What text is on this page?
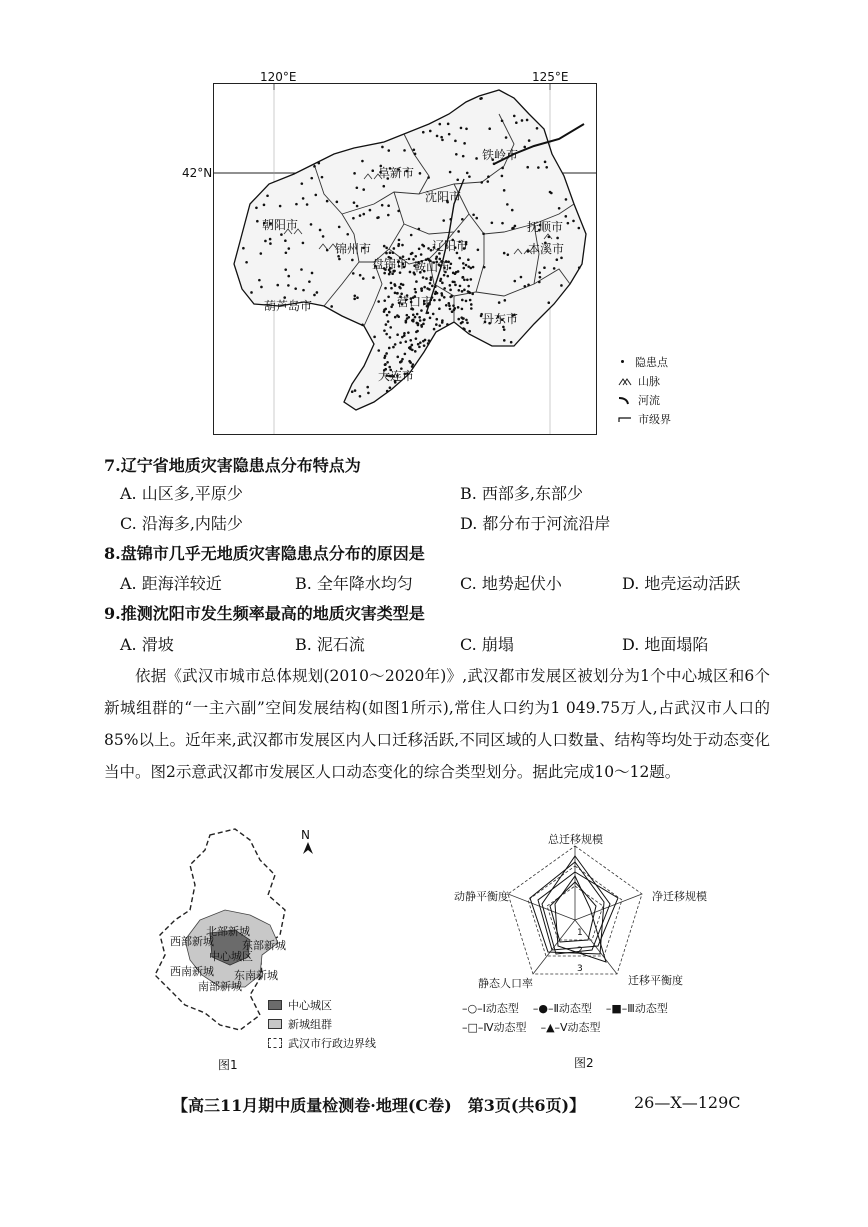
120°E	125°E
42°N
铁岭市
阜新市
沈阳市
朝阳市	抚顺市
本溪市
辽阳市
锦州市
盘锦市 鞍山市
葫芦岛市	营口市
丹东市
大连市
隐患点
山脉
河流
市级界
7.辽宁省地质灾害隐患点分布特点为
A. 山区多,平原少	B. 西部多,东部少
C. 沿海多,内陆少	D. 都分布于河流沿岸
8.盘锦市几乎无地质灾害隐患点分布的原因是
A. 距海洋较近	B. 全年降水均匀	C. 地势起伏小	D. 地壳运动活跃
9.推测沈阳市发生频率最高的地质灾害类型是
A. 滑坡	B. 泥石流	C. 崩塌	D. 地面塌陷

依据《武汉市城市总体规划(2010～2020年)》,武汉都市发展区被划分为1个中心城区和6个新城组群的“一主六副”空间发展结构(如图1所示),常住人口约为1 049.75万人,占武汉市人口的85%以上。近年来,武汉都市发展区内人口迁移活跃,不同区域的人口数量、结构等均处于动态变化当中。图2示意武汉都市发展区人口动态变化的综合类型划分。据此完成10～12题。

N
北部新城
西部新城	东部新城
中心城区
西南新城 东南新城
南部新城
中心城区
新城组群
武汉市行政边界线
图1
总迁移规模
净迁移规模
迁移平衡度
静态人口率
动静平衡度
1
2
3
–○–Ⅰ动态型 –●–Ⅱ动态型 –■–Ⅲ动态型
–□–Ⅳ动态型 –▲–Ⅴ动态型
图2
【高三11月期中质量检测卷·地理(C卷)　第3页(共6页)】	26—X—129C
